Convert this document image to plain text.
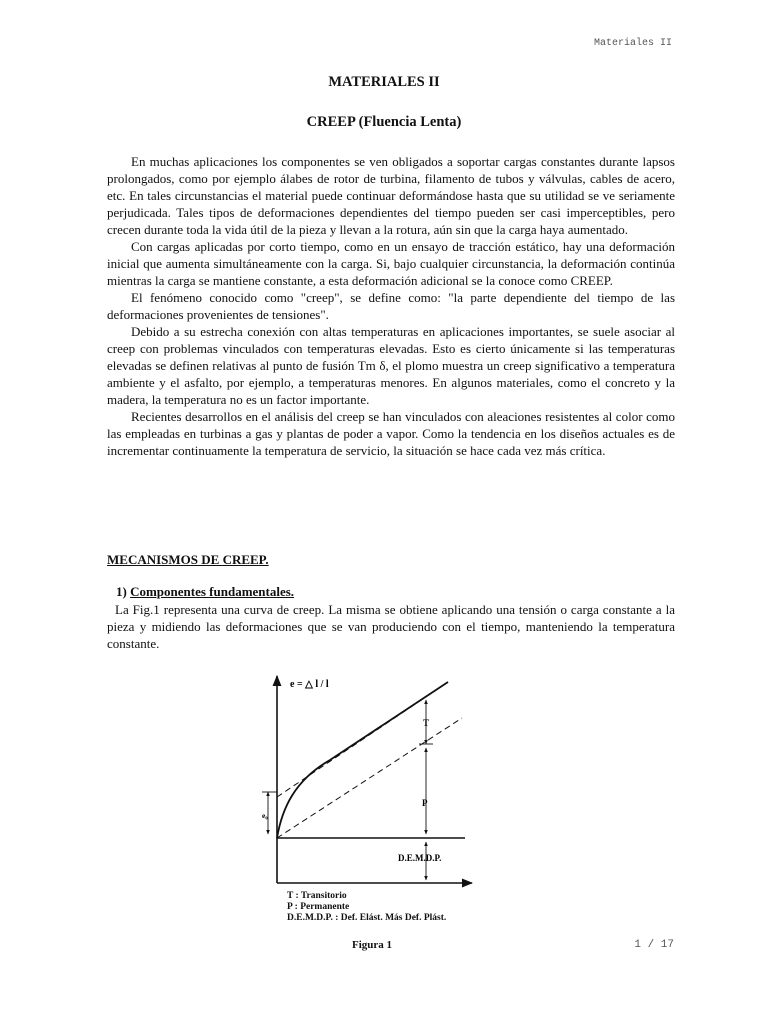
Materiales II
MATERIALES II
CREEP (Fluencia Lenta)

En muchas aplicaciones los componentes se ven obligados a soportar cargas constantes durante lapsos prolongados, como por ejemplo álabes de rotor de turbina, filamento de tubos y válvulas, cables de acero, etc. En tales circunstancias el material puede continuar deformándose hasta que su utilidad se ve seriamente perjudicada. Tales tipos de deformaciones dependientes del tiempo pueden ser casi imperceptibles, pero crecen durante toda la vida útil de la pieza y llevan a la rotura, aún sin que la carga haya aumentado.

Con cargas aplicadas por corto tiempo, como en un ensayo de tracción estático, hay una deformación inicial que aumenta simultáneamente con la carga. Si, bajo cualquier circunstancia, la deformación continúa mientras la carga se mantiene constante, a esta deformación adicional se la conoce como CREEP.

El fenómeno conocido como "creep", se define como: "la parte dependiente del tiempo de las deformaciones provenientes de tensiones".

Debido a su estrecha conexión con altas temperaturas en aplicaciones importantes, se suele asociar al creep con problemas vinculados con temperaturas elevadas. Esto es cierto únicamente si las temperaturas elevadas se definen relativas al punto de fusión Tm δ, el plomo muestra un creep significativo a temperatura ambiente y el asfalto, por ejemplo, a temperaturas menores. En algunos materiales, como el concreto y la madera, la temperatura no es un factor importante.

Recientes desarrollos en el análisis del creep se han vinculados con aleaciones resistentes al color como las empleadas en turbinas a gas y plantas de poder a vapor. Como la tendencia en los diseños actuales es de incrementar continuamente la temperatura de servicio, la situación se hace cada vez más crítica.

MECANISMOS DE CREEP.
1) Componentes fundamentales.

La Fig.1 representa una curva de creep. La misma se obtiene aplicando una tensión o carga constante a la pieza y midiendo las deformaciones que se van produciendo con el tiempo, manteniendo la temperatura constante.

T
P
D.E.M.D.P.
e₀
e = △ l / l
T : Transitorio
P : Permanente
D.E.M.D.P. : Def. Elást. Más Def. Plást.
Figura 1	1 / 17
